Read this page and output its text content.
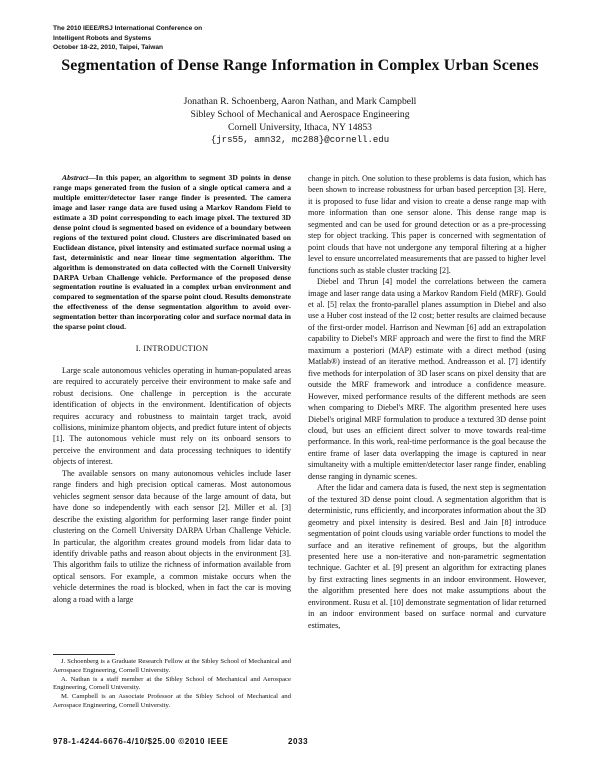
The 2010 IEEE/RSJ International Conference on
Intelligent Robots and Systems
October 18-22, 2010, Taipei, Taiwan
Segmentation of Dense Range Information in Complex Urban Scenes
Jonathan R. Schoenberg, Aaron Nathan, and Mark Campbell
Sibley School of Mechanical and Aerospace Engineering
Cornell University, Ithaca, NY 14853
{jrs55, amn32, mc288}@cornell.edu

Abstract—In this paper, an algorithm to segment 3D points in dense range maps generated from the fusion of a single optical camera and a multiple emitter/detector laser range finder is presented. The camera image and laser range data are fused using a Markov Random Field to estimate a 3D point corresponding to each image pixel. The textured 3D dense point cloud is segmented based on evidence of a boundary between regions of the textured point cloud. Clusters are discriminated based on Euclidean distance, pixel intensity and estimated surface normal using a fast, deterministic and near linear time segmentation algorithm. The algorithm is demonstrated on data collected with the Cornell University DARPA Urban Challenge vehicle. Performance of the proposed dense segmentation routine is evaluated in a complex urban environment and compared to segmentation of the sparse point cloud. Results demonstrate the effectiveness of the dense segmentation algorithm to avoid over-segmentation better than incorporating color and surface normal data in the sparse point cloud.

I. INTRODUCTION

Large scale autonomous vehicles operating in human-populated areas are required to accurately perceive their environment to make safe and robust decisions. One challenge in perception is the accurate identification of objects in the environment. Identification of objects requires accuracy and robustness to maintain target track, avoid collisions, minimize phantom objects, and predict future intent of objects [1]. The autonomous vehicle must rely on its onboard sensors to perceive the environment and data processing techniques to identify objects of interest.

The available sensors on many autonomous vehicles include laser range finders and high precision optical cameras. Most autonomous vehicles segment sensor data because of the large amount of data, but have done so independently with each sensor [2]. Miller et al. [3] describe the existing algorithm for performing laser range finder point clustering on the Cornell University DARPA Urban Challenge Vehicle. In particular, the algorithm creates ground models from lidar data to identify drivable paths and reason about objects in the environment [3]. This algorithm fails to utilize the richness of information available from optical sensors. For example, a common mistake occurs when the vehicle determines the road is blocked, when in fact the car is moving along a road with a large

change in pitch. One solution to these problems is data fusion, which has been shown to increase robustness for urban based perception [3]. Here, it is proposed to fuse lidar and vision to create a dense range map with more information than one sensor alone. This dense range map is segmented and can be used for ground detection or as a pre-processing step for object tracking. This paper is concerned with segmentation of point clouds that have not undergone any temporal filtering at a higher level to ensure uncorrelated measurements that are passed to higher level functions such as stable cluster tracking [2].

Diebel and Thrun [4] model the correlations between the camera image and laser range data using a Markov Random Field (MRF). Gould et al. [5] relax the fronto-parallel planes assumption in Diebel and also use a Huber cost instead of the l2 cost; better results are claimed because of the first-order model. Harrison and Newman [6] add an extrapolation capability to Diebel's MRF approach and were the first to find the MRF maximum a posteriori (MAP) estimate with a direct method (using Matlab®) instead of an iterative method. Andreasson et al. [7] identify five methods for interpolation of 3D laser scans on pixel density that are outside the MRF framework and introduce a confidence measure. However, mixed performance results of the different methods are seen when comparing to Diebel's MRF. The algorithm presented here uses Diebel's original MRF formulation to produce a textured 3D dense point cloud, but uses an efficient direct solver to move towards real-time performance. In this work, real-time performance is the goal because the entire frame of laser data overlapping the image is captured in near simultaneity with a multiple emitter/detector laser range finder, enabling dense ranging in dynamic scenes.

After the lidar and camera data is fused, the next step is segmentation of the textured 3D dense point cloud. A segmentation algorithm that is deterministic, runs efficiently, and incorporates information about the 3D geometry and pixel intensity is desired. Besl and Jain [8] introduce segmentation of point clouds using variable order functions to model the surface and an iterative refinement of groups, but the algorithm presented here use a non-iterative and non-parametric segmentation technique. Gachter et al. [9] present an algorithm for extracting planes by first extracting lines segments in an indoor environment. However, the algorithm presented here does not make assumptions about the environment. Rusu et al. [10] demonstrate segmentation of lidar returned in an indoor environment based on surface normal and curvature estimates,

J. Schoenberg is a Graduate Research Fellow at the Sibley School of Mechanical and Aerospace Engineering, Cornell University.

A. Nathan is a staff member at the Sibley School of Mechanical and Aerospace Engineering, Cornell University.

M. Campbell is an Associate Professor at the Sibley School of Mechanical and Aerospace Engineering, Cornell University.

978-1-4244-6676-4/10/$25.00 ©2010 IEEE	2033
